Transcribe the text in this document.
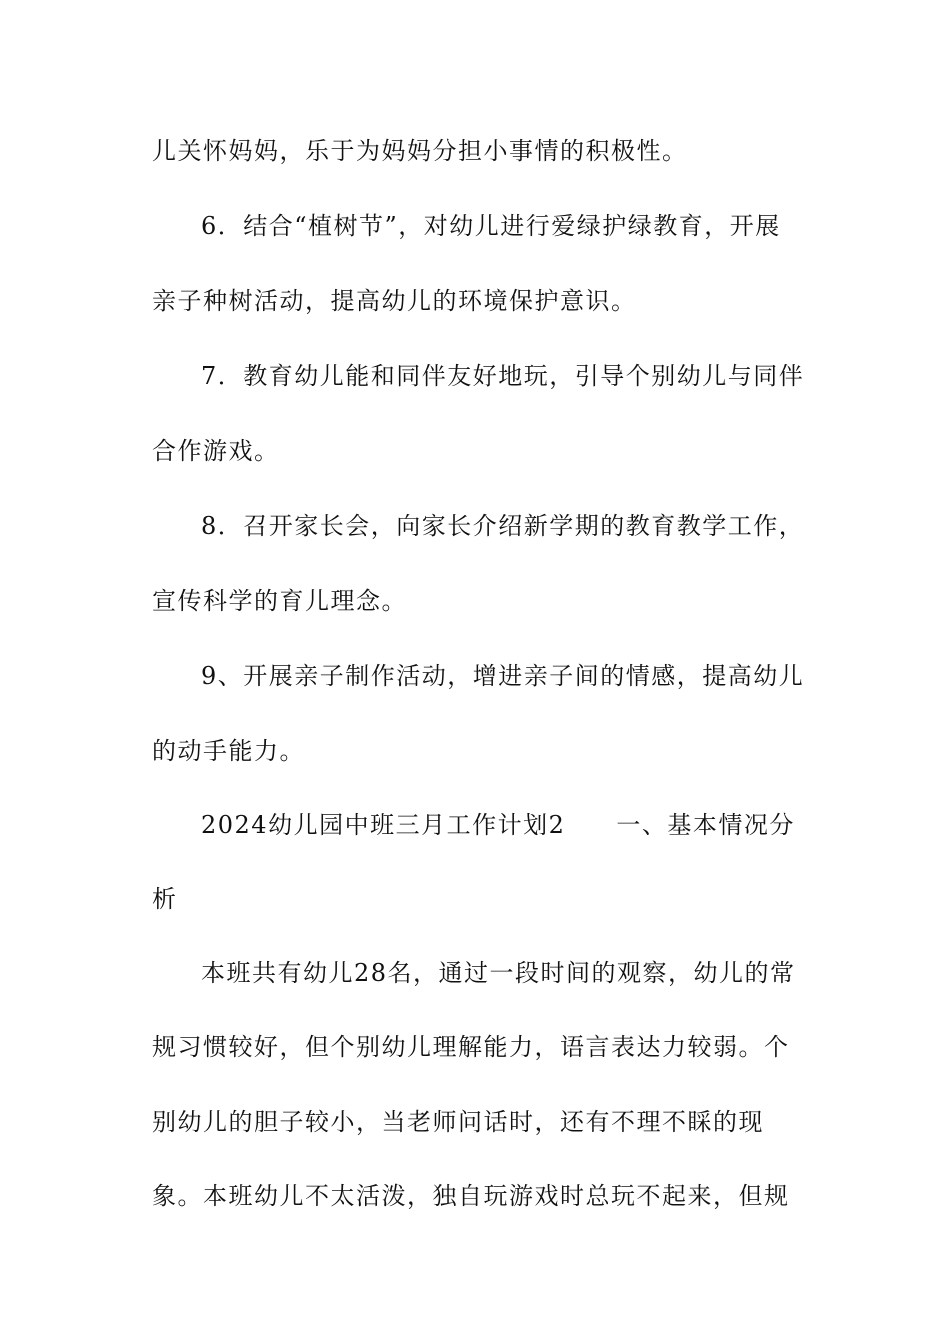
儿关怀妈妈，乐于为妈妈分担小事情的积极性。
6．结合“植树节”，对幼儿进行爱绿护绿教育，开展
亲子种树活动，提高幼儿的环境保护意识。
7．教育幼儿能和同伴友好地玩，引导个别幼儿与同伴
合作游戏。
8．召开家长会，向家长介绍新学期的教育教学工作，
宣传科学的育儿理念。
9、开展亲子制作活动，增进亲子间的情感，提高幼儿
的动手能力。
2024幼儿园中班三月工作计划2　　一、基本情况分
析
本班共有幼儿28名，通过一段时间的观察，幼儿的常
规习惯较好，但个别幼儿理解能力，语言表达力较弱。个
别幼儿的胆子较小，当老师问话时，还有不理不睬的现
象。本班幼儿不太活泼，独自玩游戏时总玩不起来，但规
